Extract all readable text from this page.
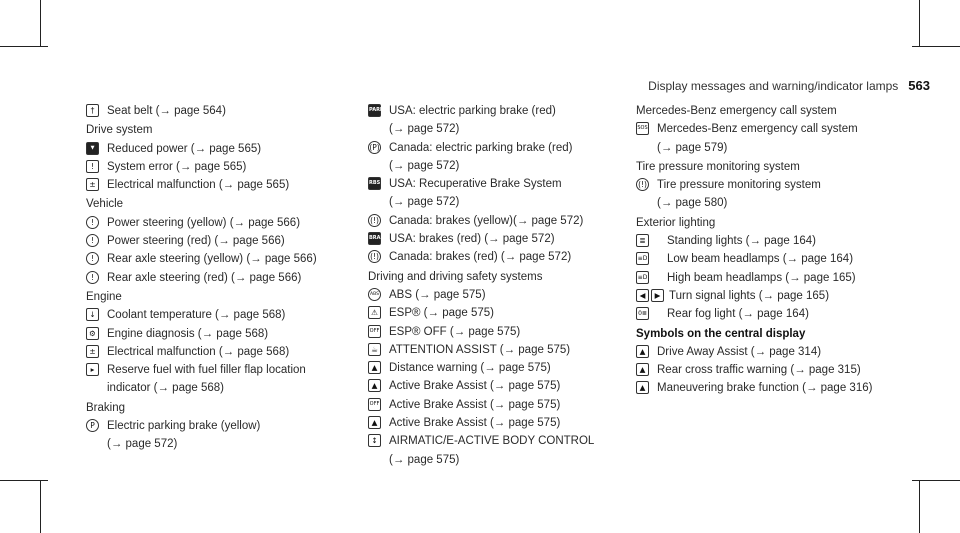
Display messages and warning/indicator lamps 563
†	Seat belt (→ page 564)
Drive system
▼	Reduced power (→ page 565)
!	System error (→ page 565)
± Electrical malfunction (→ page 565)
Vehicle
!	Power steering (yellow) (→ page 566)
!	Power steering (red) (→ page 566)
!	Rear axle steering (yellow) (→ page 566)
!	Rear axle steering (red) (→ page 566)
Engine
↓ Coolant temperature (→ page 568)
⚙ Engine diagnosis (→ page 568)
± Electrical malfunction (→ page 568)
▸	Reserve fuel with fuel filler flap location
indicator (→ page 568)
Braking
P	Electric parking brake (yellow)
(→ page 572)
PARK USA: electric parking brake (red)
(→ page 572)
(P) Canada: electric parking brake (red)
(→ page 572)
RBS USA: Recuperative Brake System
(→ page 572)
(!) Canada: brakes (yellow)(→ page 572)
BRAKE USA: brakes (red) (→ page 572)
(!) Canada: brakes (red) (→ page 572)
Driving and driving safety systems
ABS ABS (→ page 575)
⚠ ESP® (→ page 575)
OFF ESP® OFF (→ page 575)
☕ ATTENTION ASSIST (→ page 575)
▲	Distance warning (→ page 575)
▲	Active Brake Assist (→ page 575)
OFF Active Brake Assist (→ page 575)
▲	Active Brake Assist (→ page 575)
↕ AIRMATIC/E-ACTIVE BODY CONTROL
(→ page 575)
Mercedes-Benz emergency call system
SOS Mercedes-Benz emergency call system
(→ page 579)
Tire pressure monitoring system
(!) Tire pressure monitoring system
(→ page 580)
Exterior lighting
≣ Standing lights (→ page 164)
≡D Low beam headlamps (→ page 164)
≡D High beam headlamps (→ page 165)
◀	▶ Turn signal lights (→ page 165)
0≣ Rear fog light (→ page 164)
Symbols on the central display
▲	Drive Away Assist (→ page 314)
▲	Rear cross traffic warning (→ page 315)
▲	Maneuvering brake function (→ page 316)
